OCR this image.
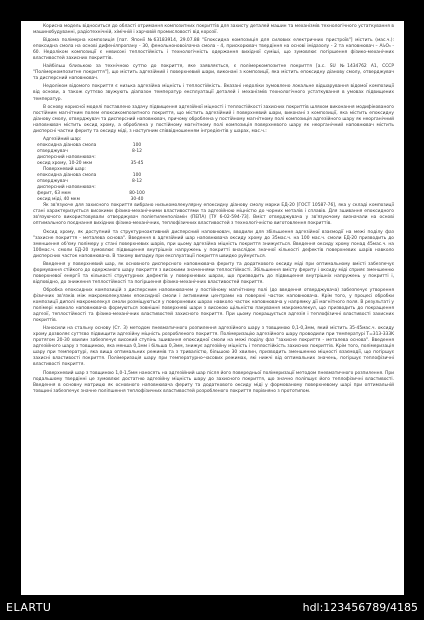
Корисна модель відноситься до області отримання композитних покриттів для захисту деталей машин та механізмів технологічного устаткування в машинобудуванні, радіотехнічній, хімічній і харчовій промисловості від корозії.

Відома полімерна композиція [пат. Японії №63183914, 29.07.88 "Епоксидна композиція для силових електричних пристроїв"] містить (мас.ч.): епоксидна смола на основі дифенілпропану - 30, фенольноновоілачна смола - 4, прискорювач твердіння на основі імідазолу - 2 та наповнювач – Al₂O₃ - 60. Недоліком композиції є невисокі теплостійкість і технологічність одержання вихідної суміші, що зумовлює погіршення фізико-механічних властивостей захисних покриттів.

Найбільш близькою за технічною суттю до покриття, яке заявляється, є полімеркомпозитне покриття [а.с. SU №1434762 А1, СССР "Полімеркомпозитне покриття"], що містить адгезійний і поверхневий шари, виконані з композиції, яка містить епоксидну діанову смолу, отверджувач та дисперсний наповнювач.

Недоліком відомого покриття є низька адгезійна міцність і теплостійкість. Вказані недоліки зумовлено локальне відшарування відомої композиції від основи, а також суттєво звужують діапазон температур експлуатації деталей і механізмів технологічного устаткування в умовах підвищених температур.

В основу корисної моделі поставлено задачу підвищення адгезійної міцності і теплостійкості захисних покриттів шляхом виконання модифікованого постійним магнітним полем епоксикомпозитного покриття, що містить адгезійний і поверхневий шари, виконані з композиції, яка містить епоксидну діанову смолу, отверджувач та дисперсний наповнювач, причому оброблена у постійному магнітному полі композиція адгезійного шару як неорганічний наповнювач містить оксид хрому, а оброблена у постійному магнітному полі композиція поверхневого шару як неорганічний наповнювач містить дисперсні частки фериту та оксиду міді, з наступним співвідношенням інгредієнтів у шарах, мас.ч.:

Адгезійний шар:
епоксидна діанова смола	100
отверджувач	8-12
дисперсний наповнювач:
оксид хрому, 10-20 мкм	35-45
Поверхневий шар:
епоксидна діанова смола	100
отверджувач	8-12
дисперсний наповнювач:
ферит, 63 мкм	80-100
оксид міді, 40 мкм	30-40

Як зв'язуюче для захисного покриття вибрано низькомолекулярну епоксидну діанову смолу марки ЕД-20 [ГОСТ 10587-76], яка у складі композиції стані характеризується високими фізико-механічними властивостями та адгезійною міцністю до чорних металів і сплавів. Для зшивання епоксидного зв'язуючого використовували отверджувач поліетиленполіамін (ПЕПА) [ТУ 6-02-594-73]. Вміст отверджувача у зв'язуючому визначали на основі оптимального поєднання вихідних фізико-механічних, теплофізичних властивостей з технологічністю виготовлення покриттів.

Оксид хрому, як доступний та структурноактивний дисперсний наповнювач, вводили для збільшення адгезійної взаємодії на межі поділу фаз "захисне покриття - металева основа". Введення в адгезійний шар наповнювача оксиду хрому до 35мас.ч. на 100 мас.ч. смоли ЕД-20 призводить до зменшення об'єму полімеру у стані поверхневих шарів, при цьому адгезійна міцність покриття знижується. Введення оксиду хрому понад 45мас.ч. на 100мас.ч. смоли ЕД-20 зумовлює підвищення внутрішніх напружень у покритті внаслідок значної кількості дефектів поверхневих шарів навколо дисперсних часток наповнювача. В такому випадку при експлуатації покриття швидко руйнується.

Введення у поверхневий шар, як основного дисперсного наповнювача фериту та додаткового оксиду міді при оптимальному вмісті забезпечує формування стійкого до одержаного шару покриття з високими значеннями теплостійкості. Збільшення вмісту фериту і оксиду міді сприяє зменшенню поверхневої енергії та кількості структурних дефектів у поверхневих шарах, що призводить до підвищення внутрішніх напружень у покритті і, відповідно, до зниження теплостійкості та погіршення фізико-механічних властивостей покриття.

Обробка епоксидних композицій з дисперсним наповнювачем у постійному магнітному полі (до введення отверджувача) забезпечує утворення фізичних зв'язків між макромолекулами епоксидної смоли і активними центрами на поверхні часток наповнювача. Крім того, у процесі обробки композиції диполі макромолекул смоли розміщуються у поверхневих шарах навколо часток наповнювача у напрямку дії магнітного поля. В результаті у полімері навколо наповнювача формуються зовнішні поверхневі шари з високою щільністю пакування макромолекул, що призводить до покращення адгезії, теплостійкості та фізико-механічних властивостей захисного покриття. При цьому покращується адгезія і теплофізичні властивості захисних покриттів.

Наносили на стальну основу (Ст. 3) методом пневматичного розпилення адгезійного шару з товщиною 0,1-0,3мм, який містить 35-45мас.ч. оксиду хрому дозволяє суттєво підвищити адгезійну міцність розробленого покриття. Полімеризацію адгезійного шару проводили при температурі Т=313-333K протягом 20-30 хвилин забезпечує високий ступінь зшивання епоксидної смоли на межі поділу фаз "захисне покриття - металева основа". Введення адгезійного шару з товщиною, яка менша 0,1мм і більша 0,3мм, знижує адгезійну міцність і теплостійкість захисних покриттів. Крім того, полімеризація шару при температурі, яка вища оптимальних режимів та з тривалістю, більшою 30 хвилин, призводить зменшенню міцності взаємодії, що погіршує захисні властивості покриття. Полімеризація шару при температурно-часових режимах, які нижчі від оптимальних значень, погіршує теплофізичні властивості покриття.

Поверхневий шар з товщиною 1,0-1,5мм наносять на адгезійний шар після його повередньої полімеризації методом пневматичного розпилення. При подальшому твердінні це зумовлює достатню адгезійну міцність шару до захисного покриття, що значно поліпшує його теплофізичні властивості. Введення в основну матрицю як основного наповнювача фериту та додаткового оксиду міді у формованому поверхневому шарі при оптимальній товщині забезпечує значне поліпшення теплофізичних властивостей розробленого покриття порівняно з прототипом.

ELARTU	hdl:123456789/4185
